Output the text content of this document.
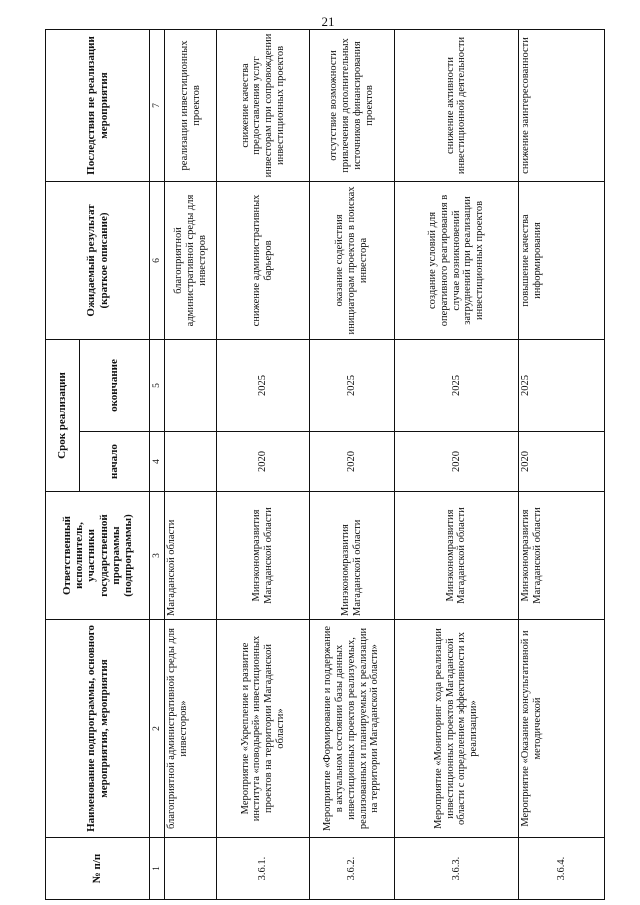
21
№ п/п	Наименование подпрограммы, основного мероприятия, мероприятия	Ответственный исполнитель, участники государственной программы (подпрограммы)	Срок реализации		Ожидаемый результат (краткое описание)	Последствия не реализации мероприятия
			начало	окончание		
1	2	3	4	5	6	7
	благоприятной административной среды для инвесторов»	Магаданской области			благоприятной административной среды для инвесторов	реализации инвестиционных проектов
3.6.1.	Мероприятие «Укрепление и развитие института «поводырей» инвестиционных проектов на территории Магаданской области»	Минэкономразвития Магаданской области	2020	2025	снижение административных барьеров	снижение качества предоставления услуг инвесторам при сопровождении инвестиционных проектов
3.6.2.	Мероприятие «Формирование и поддержание в актуальном состоянии базы данных инвестиционных проектов реализуемых, реализованных и планируемых к реализации на территории Магаданской области»	Минэкономразвития Магаданской области	2020	2025	оказание содействия инициаторам проектов в поисках инвестора	отсутствие возможности привлечения дополнительных источников финансирования проектов
3.6.3.	Мероприятие «Мониторинг хода реализации инвестиционных проектов Магаданской области с определением эффективности их реализации»	Минэкономразвития Магаданской области	2020	2025	создание условий для оперативного реагирования в случае возникновений затруднений при реализации инвестиционных проектов	снижение активности инвестиционной деятельности
3.6.4.	Мероприятие «Оказание консультативной и методической	Минэкономразвития Магаданской области	2020	2025	повышение качества информирования	снижение заинтересованности
